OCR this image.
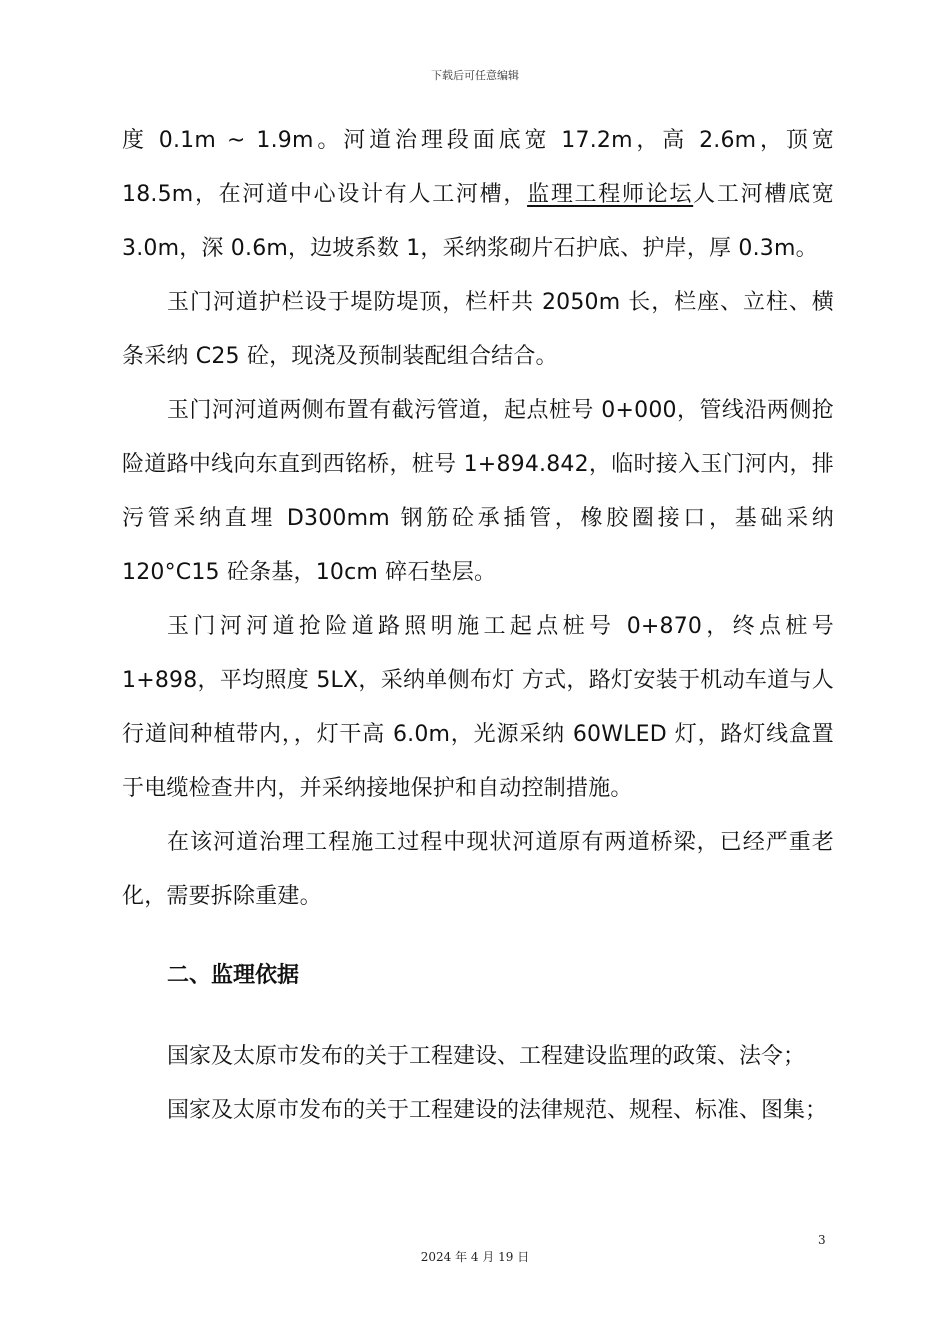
下载后可任意编辑

度 0.1m ~ 1.9m。河道治理段面底宽 17.2m，高 2.6m，顶宽 18.5m，在河道中心设计有人工河槽，监理工程师论坛人工河槽底宽 3.0m，深 0.6m，边坡系数 1，采纳浆砌片石护底、护岸，厚 0.3m。

玉门河道护栏设于堤防堤顶，栏杆共 2050m 长，栏座、立柱、横条采纳 C25 砼，现浇及预制装配组合结合。

玉门河河道两侧布置有截污管道，起点桩号 0+000，管线沿两侧抢险道路中线向东直到西铭桥，桩号 1+894.842，临时接入玉门河内，排污管采纳直埋 D300mm 钢筋砼承插管，橡胶圈接口，基础采纳 120°C15 砼条基，10cm 碎石垫层。

玉门河河道抢险道路照明施工起点桩号 0+870，终点桩号 1+898，平均照度 5LX，采纳单侧布灯 方式，路灯安装于机动车道与人行道间种植带内，，灯干高 6.0m，光源采纳 60WLED 灯，路灯线盒置于电缆检查井内，并采纳接地保护和自动控制措施。

在该河道治理工程施工过程中现状河道原有两道桥梁，已经严重老化，需要拆除重建。

二、监理依据

国家及太原市发布的关于工程建设、工程建设监理的政策、法令；

国家及太原市发布的关于工程建设的法律规范、规程、标准、图集；

3
2024 年 4 月 19 日
